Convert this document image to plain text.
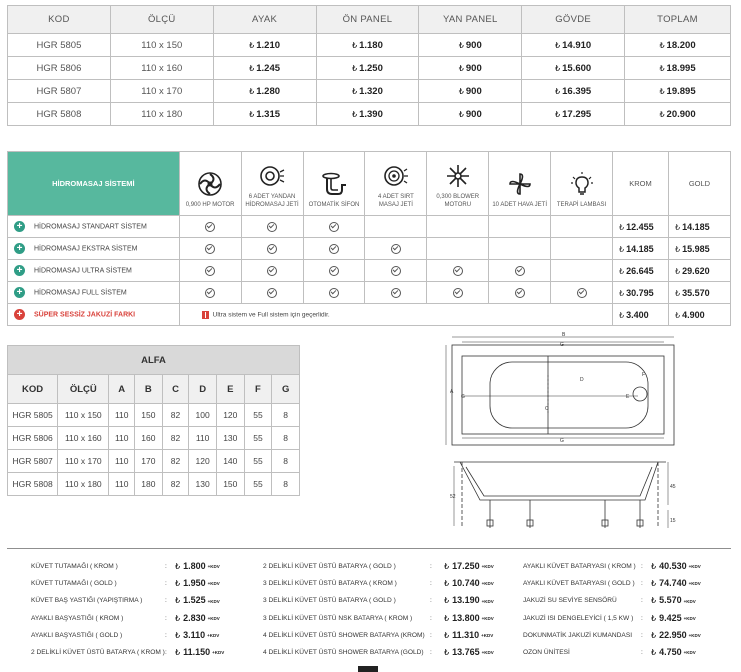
KOD	ÖLÇÜ	AYAK	ÖN PANEL	YAN PANEL	GÖVDE	TOPLAM
HGR 5805	110 x 150	₺ 1.210	₺ 1.180	₺ 900	₺ 14.910	₺ 18.200
HGR 5806	110 x 160	₺ 1.245	₺ 1.250	₺ 900	₺ 15.600	₺ 18.995
HGR 5807	110 x 170	₺ 1.280	₺ 1.320	₺ 900	₺ 16.395	₺ 19.895
HGR 5808	110 x 180	₺ 1.315	₺ 1.390	₺ 900	₺ 17.295	₺ 20.900
HİDROMASAJ SİSTEMİ	0,900 HP MOTOR	6 ADET YANDAN HİDROMASAJ JETİ	OTOMATİK SİFON	4 ADET SIRT MASAJ JETİ	0,300 BLOWER MOTORU	10 ADET HAVA JETİ	TERAPİ LAMBASI	KROM	GOLD
+ HİDROMASAJ STANDART SİSTEM								₺ 12.455	₺ 14.185
+ HİDROMASAJ EKSTRA SİSTEM								₺ 14.185	₺ 15.985
+ HİDROMASAJ ULTRA SİSTEM								₺ 26.645	₺ 29.620
+ HİDROMASAJ FULL SİSTEM								₺ 30.795	₺ 35.570
+ SÜPER SESSİZ JAKUZİ FARKI	Ultra sistem ve Full sistem için geçerlidir.							₺ 3.400	₺ 4.900
ALFA								
KOD	ÖLÇÜ	A	B	C	D	E	F	G
HGR 5805	110 x 150	110	150	82	100	120	55	8
HGR 5806	110 x 160	110	160	82	110	130	55	8
HGR 5807	110 x 170	110	170	82	120	140	55	8
HGR 5808	110 x 180	110	180	82	130	150	55	8
B
G
F
D
E
A
G
C
G
52
45
15
KÜVET TUTAMAĞI ( KROM )	: ₺ 1.800 +KDV
KÜVET TUTAMAĞI ( GOLD )	: ₺ 1.950 +KDV
KÜVET BAŞ YASTIĞI (YAPIŞTIRMA )	: ₺ 1.525 +KDV
AYAKLI BAŞYASTIĞI ( KROM )	: ₺ 2.830 +KDV
AYAKLI BAŞYASTIĞI ( GOLD )	: ₺ 3.110 +KDV
2 DELİKLİ KÜVET ÜSTÜ BATARYA ( KROM ) : ₺ 11.150 +KDV
2 DELİKLİ KÜVET ÜSTÜ BATARYA ( GOLD )	: ₺ 17.250 +KDV
3 DELİKLİ KÜVET ÜSTÜ BATARYA ( KROM )	: ₺ 10.740 +KDV
3 DELİKLİ KÜVET ÜSTÜ BATARYA ( GOLD )	: ₺ 13.190 +KDV
3 DELİKLİ KÜVET ÜSTÜ NSK BATARYA ( KROM )	: ₺ 13.800 +KDV
4 DELİKLİ KÜVET ÜSTÜ SHOWER BATARYA (KROM) : ₺ 11.310 +KDV
4 DELİKLİ KÜVET ÜSTÜ SHOWER BATARYA (GOLD) : ₺ 13.765 +KDV
AYAKLI KÜVET BATARYASI ( KROM ) : ₺ 40.530 +KDV
AYAKLI KÜVET BATARYASI ( GOLD ) : ₺ 74.740 +KDV
JAKUZİ SU SEVİYE SENSÖRÜ	: ₺ 5.570 +KDV
JAKUZİ ISI DENGELEYİCİ ( 1,5 KW ) : ₺ 9.425 +KDV
DOKUNMATİK JAKUZİ KUMANDASI : ₺ 22.950 +KDV
OZON ÜNİTESİ	: ₺ 4.750 +KDV
